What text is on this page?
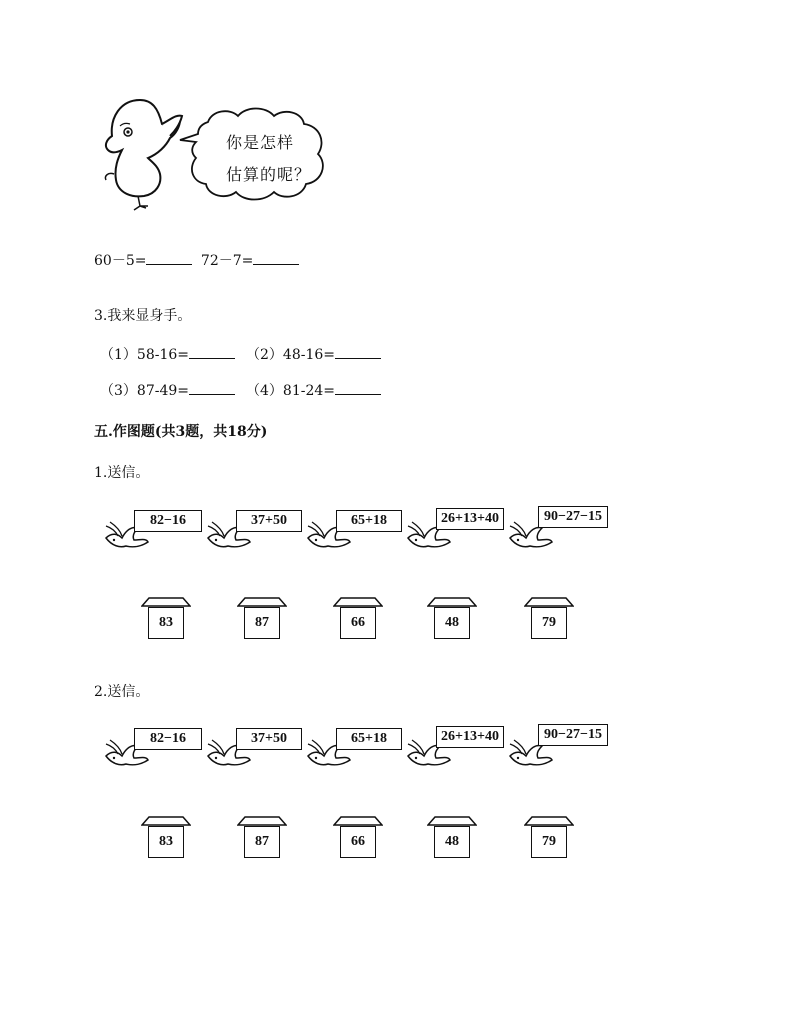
你是怎样
估算的呢？
60－5=	72－7=
3.我来显身手。
（1）58-16=	（2）48-16=
（3）87-49=	（4）81-24=
五.作图题(共3题，共18分)
1.送信。
82−16	37+50	65+18	26+13+40	90−27−15
83	87	66	48	79
2.送信。
82−16	37+50	65+18	26+13+40	90−27−15
83	87	66	48	79
